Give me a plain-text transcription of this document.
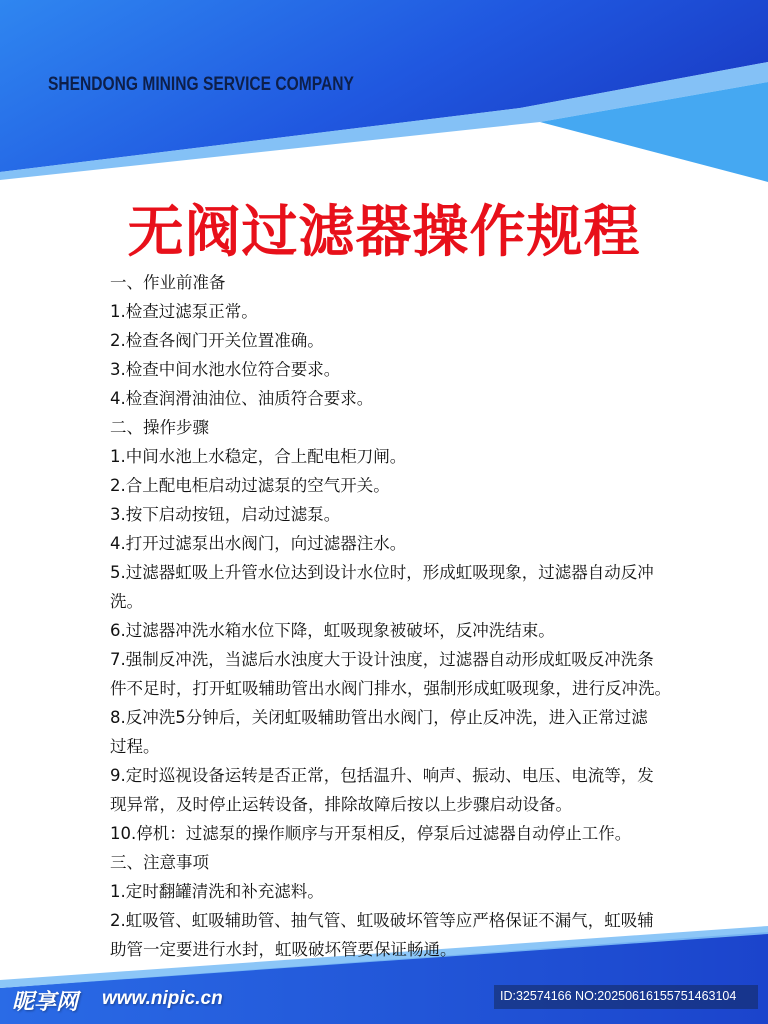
SHENDONG MINING SERVICE COMPANY
无阀过滤器操作规程

一、作业前准备

1.检查过滤泵正常。

2.检查各阀门开关位置准确。

3.检查中间水池水位符合要求。

4.检查润滑油油位、油质符合要求。

二、操作步骤

1.中间水池上水稳定，合上配电柜刀闸。

2.合上配电柜启动过滤泵的空气开关。

3.按下启动按钮，启动过滤泵。

4.打开过滤泵出水阀门，向过滤器注水。

5.过滤器虹吸上升管水位达到设计水位时，形成虹吸现象，过滤器自动反冲

洗。

6.过滤器冲洗水箱水位下降，虹吸现象被破坏，反冲洗结束。

7.强制反冲洗，当滤后水浊度大于设计浊度，过滤器自动形成虹吸反冲洗条

件不足时，打开虹吸辅助管出水阀门排水，强制形成虹吸现象，进行反冲洗。

8.反冲洗5分钟后，关闭虹吸辅助管出水阀门，停止反冲洗，进入正常过滤

过程。

9.定时巡视设备运转是否正常，包括温升、响声、振动、电压、电流等，发

现异常，及时停止运转设备，排除故障后按以上步骤启动设备。

10.停机：过滤泵的操作顺序与开泵相反，停泵后过滤器自动停止工作。

三、注意事项

1.定时翻罐清洗和补充滤料。

2.虹吸管、虹吸辅助管、抽气管、虹吸破坏管等应严格保证不漏气，虹吸辅

助管一定要进行水封，虹吸破坏管要保证畅通。

昵享网 www.nipic.cn	ID:32574166 NO:20250616155751463104
